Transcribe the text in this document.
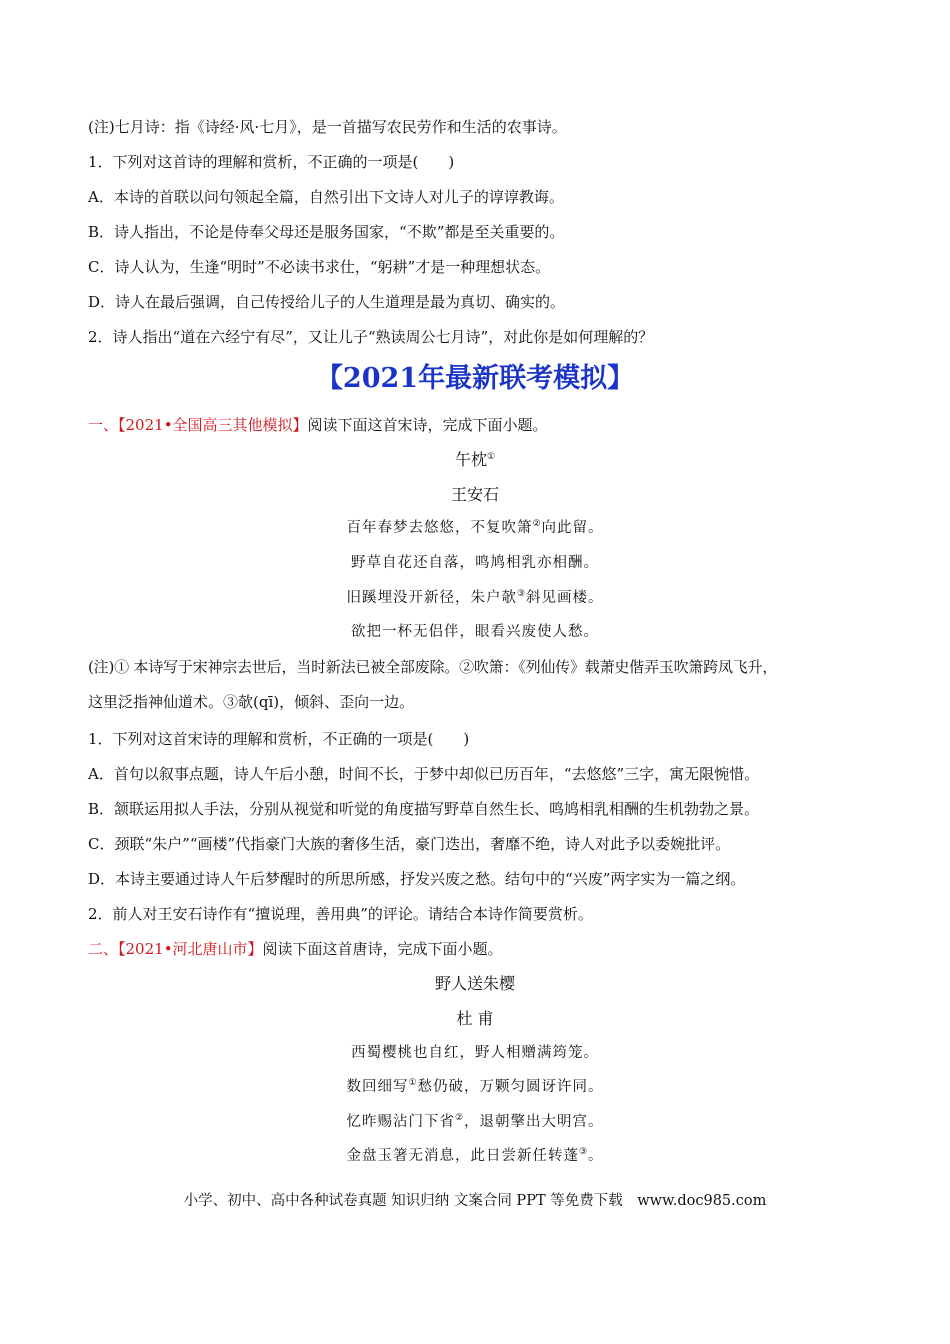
(注)七月诗：指《诗经·风·七月》，是一首描写农民劳作和生活的农事诗。
1．下列对这首诗的理解和赏析，不正确的一项是(　　)
A．本诗的首联以问句领起全篇，自然引出下文诗人对儿子的谆谆教诲。
B．诗人指出，不论是侍奉父母还是服务国家，“不欺”都是至关重要的。
C．诗人认为，生逢“明时”不必读书求仕，“躬耕”才是一种理想状态。
D．诗人在最后强调，自己传授给儿子的人生道理是最为真切、确实的。
2．诗人指出“道在六经宁有尽”，又让儿子“熟读周公七月诗”，对此你是如何理解的？
【2021年最新联考模拟】
一、【2021•全国高三其他模拟】阅读下面这首宋诗，完成下面小题。
午枕①
王安石
百年春梦去悠悠，不复吹箫②向此留。
野草自花还自落，鸣鸠相乳亦相酬。
旧蹊埋没开新径，朱户欹③斜见画楼。
欲把一杯无侣伴，眼看兴废使人愁。
(注)① 本诗写于宋神宗去世后，当时新法已被全部废除。②吹箫：《列仙传》载萧史偕弄玉吹箫跨凤飞升，
这里泛指神仙道术。③欹(qī)，倾斜、歪向一边。
1．下列对这首宋诗的理解和赏析，不正确的一项是(　　)
A．首句以叙事点题，诗人午后小憩，时间不长，于梦中却似已历百年，“去悠悠”三字，寓无限惋惜。
B．颔联运用拟人手法，分别从视觉和听觉的角度描写野草自然生长、鸣鸠相乳相酬的生机勃勃之景。
C．颈联“朱户”“画楼”代指豪门大族的奢侈生活，豪门迭出，奢靡不绝，诗人对此予以委婉批评。
D．本诗主要通过诗人午后梦醒时的所思所感，抒发兴废之愁。结句中的“兴废”两字实为一篇之纲。
2．前人对王安石诗作有“擅说理，善用典”的评论。请结合本诗作简要赏析。
二、【2021•河北唐山市】阅读下面这首唐诗，完成下面小题。
野人送朱樱
杜 甫
西蜀樱桃也自红，野人相赠满筠笼。
数回细写①愁仍破，万颗匀圆讶许同。
忆昨赐沾门下省②，退朝擎出大明宫。
金盘玉箸无消息，此日尝新任转蓬③。
小学、初中、高中各种试卷真题 知识归纳 文案合同 PPT 等免费下载　www.doc985.com
